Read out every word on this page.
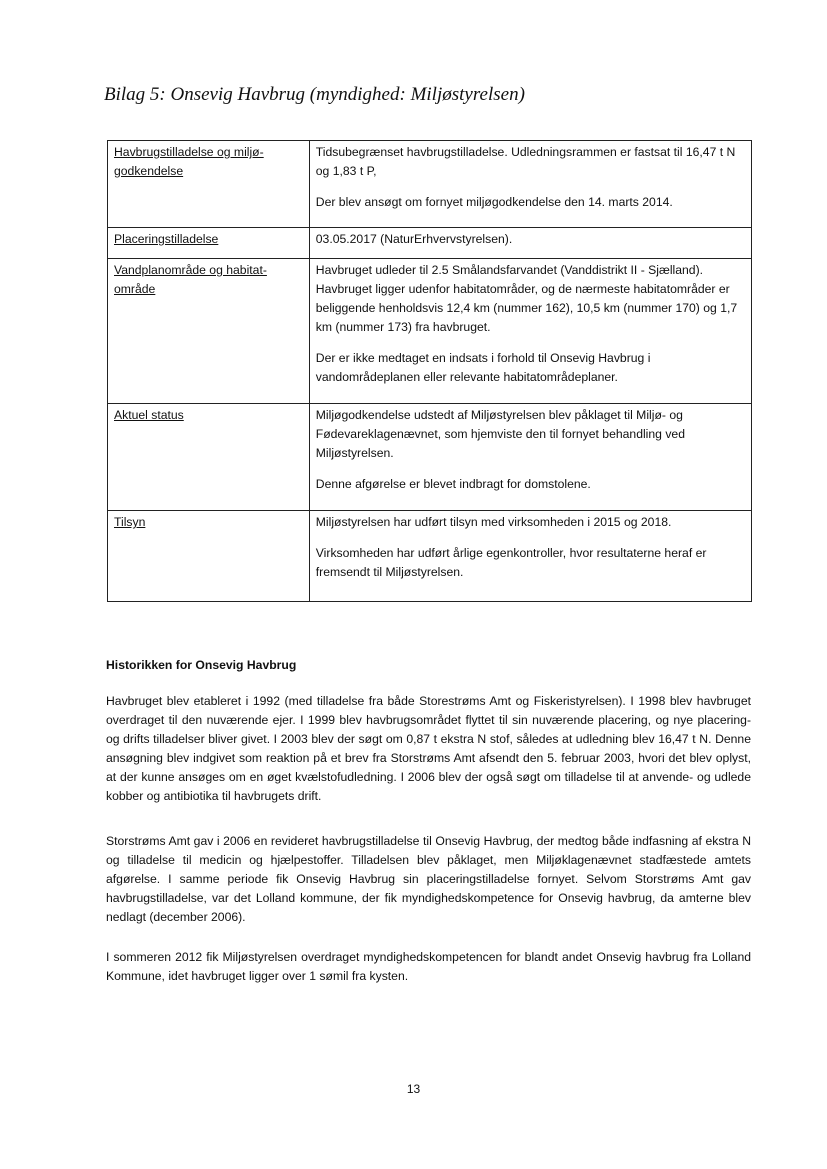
Bilag 5: Onsevig Havbrug (myndighed: Miljøstyrelsen)
Havbrugstilladelse og miljø-godkendelse	Tidsubegrænset havbrugstilladelse. Udledningsrammen er fastsat til 16,47 t N og 1,83 t P,

Der blev ansøgt om fornyet miljøgodkendelse den 14. marts 2014.

Placeringstilladelse	03.05.2017 (NaturErhvervstyrelsen).

Vandplanområde og habitat-område	Havbruget udleder til 2.5 Smålandsfarvandet (Vanddistrikt II - Sjælland). Havbruget ligger udenfor habitatområder, og de nærmeste habitatområder er beliggende henholdsvis 12,4 km (nummer 162), 10,5 km (nummer 170) og 1,7 km (nummer 173) fra havbruget.

Der er ikke medtaget en indsats i forhold til Onsevig Havbrug i vandområdeplanen eller relevante habitatområdeplaner.

Aktuel status	Miljøgodkendelse udstedt af Miljøstyrelsen blev påklaget til Miljø- og Fødevareklagenævnet, som hjemviste den til fornyet behandling ved Miljøstyrelsen.

Denne afgørelse er blevet indbragt for domstolene.

Tilsyn	Miljøstyrelsen har udført tilsyn med virksomheden i 2015 og 2018.

Virksomheden har udført årlige egenkontroller, hvor resultaterne heraf er fremsendt til Miljøstyrelsen.

Historikken for Onsevig Havbrug

Havbruget blev etableret i 1992 (med tilladelse fra både Storestrøms Amt og Fiskeristyrelsen). I 1998 blev havbruget overdraget til den nuværende ejer. I 1999 blev havbrugsområdet flyttet til sin nuværende placering, og nye placering- og drifts tilladelser bliver givet. I 2003 blev der søgt om 0,87 t ekstra N stof, således at udledning blev 16,47 t N. Denne ansøgning blev indgivet som reaktion på et brev fra Storstrøms Amt afsendt den 5. februar 2003, hvori det blev oplyst, at der kunne ansøges om en øget kvælstofudledning. I 2006 blev der også søgt om tilladelse til at anvende- og udlede kobber og antibiotika til havbrugets drift.

Storstrøms Amt gav i 2006 en revideret havbrugstilladelse til Onsevig Havbrug, der medtog både indfasning af ekstra N og tilladelse til medicin og hjælpestoffer. Tilladelsen blev påklaget, men Miljøklagenævnet stadfæstede amtets afgørelse. I samme periode fik Onsevig Havbrug sin placeringstilladelse fornyet. Selvom Storstrøms Amt gav havbrugstilladelse, var det Lolland kommune, der fik myndighedskompetence for Onsevig havbrug, da amterne blev nedlagt (december 2006).

I sommeren 2012 fik Miljøstyrelsen overdraget myndighedskompetencen for blandt andet Onsevig havbrug fra Lolland Kommune, idet havbruget ligger over 1 sømil fra kysten.

13
